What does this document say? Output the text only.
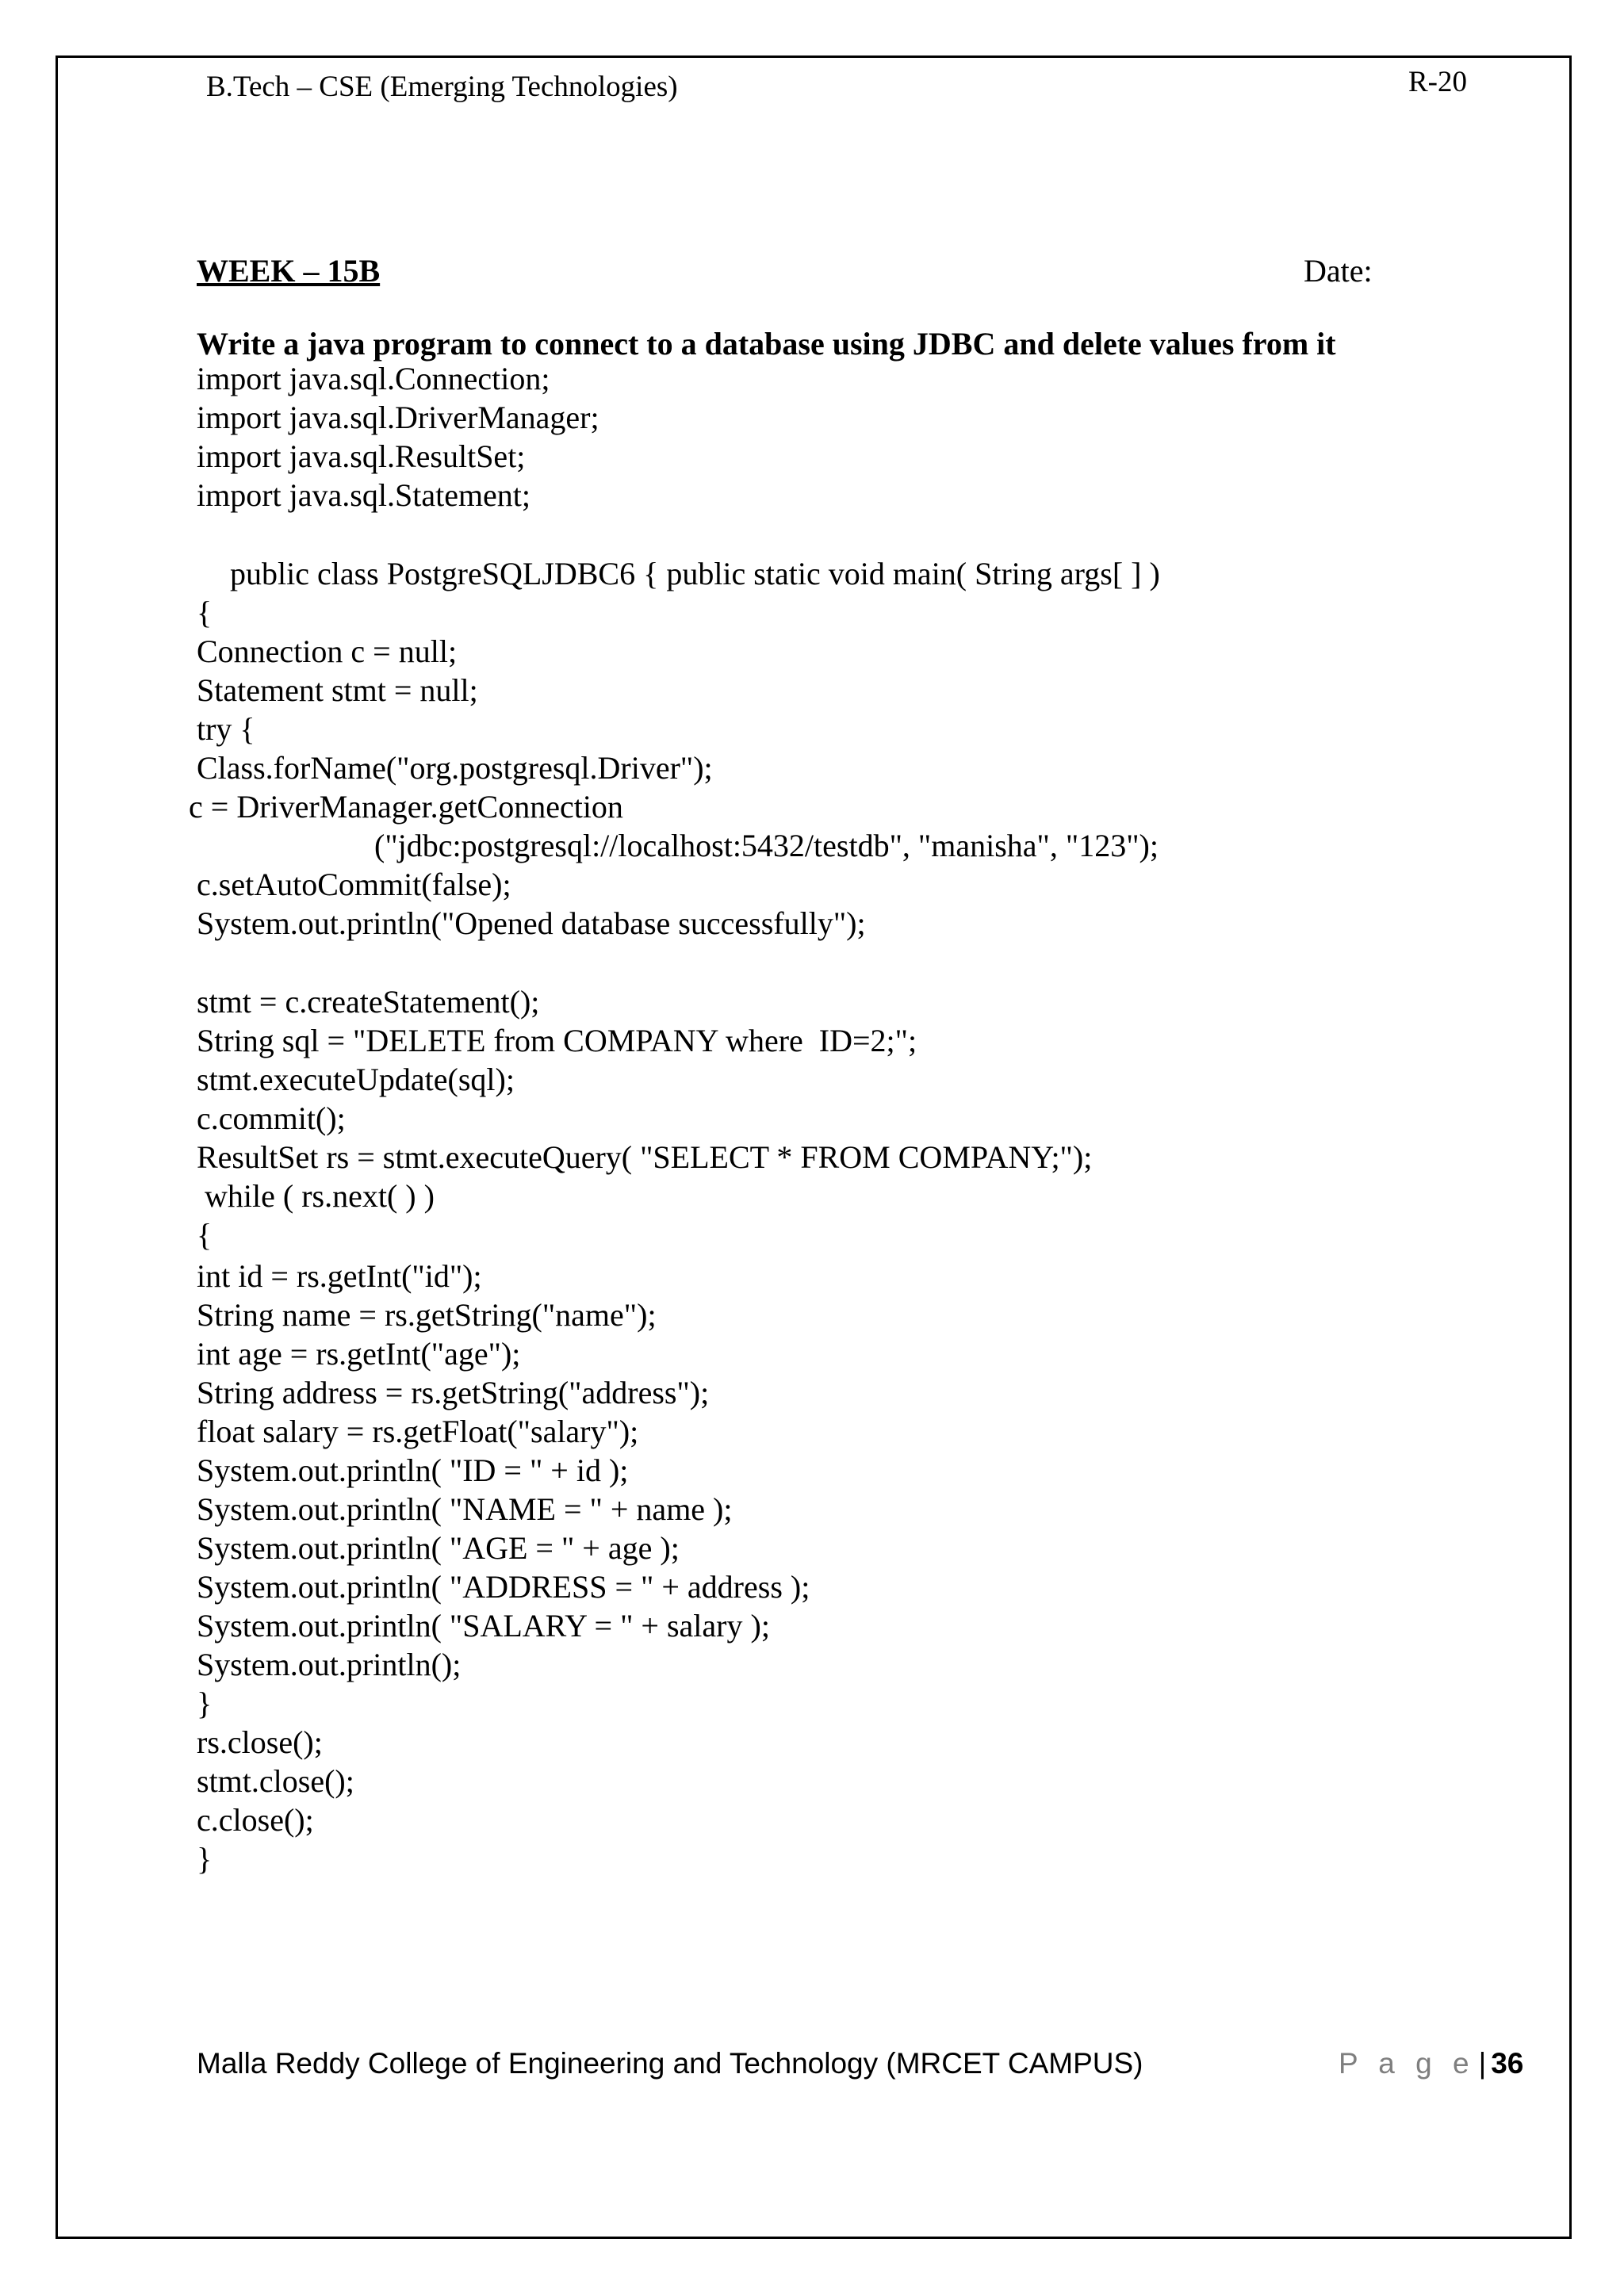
B.Tech – CSE (Emerging Technologies)	R-20
WEEK – 15B	Date:
Write a java program to connect to a database using JDBC and delete values from it
import java.sql.Connection;
import java.sql.DriverManager;
import java.sql.ResultSet;
import java.sql.Statement;
public class PostgreSQLJDBC6 { public static void main( String args[ ] )
{
Connection c = null;
Statement stmt = null;
try {
Class.forName("org.postgresql.Driver");
c = DriverManager.getConnection
("jdbc:postgresql://localhost:5432/testdb", "manisha", "123");
c.setAutoCommit(false);
System.out.println("Opened database successfully");
stmt = c.createStatement();
String sql = "DELETE from COMPANY where  ID=2;";
stmt.executeUpdate(sql);
c.commit();
ResultSet rs = stmt.executeQuery( "SELECT * FROM COMPANY;");
while ( rs.next( ) )
{
int id = rs.getInt("id");
String name = rs.getString("name");
int age = rs.getInt("age");
String address = rs.getString("address");
float salary = rs.getFloat("salary");
System.out.println( "ID = " + id );
System.out.println( "NAME = " + name );
System.out.println( "AGE = " + age );
System.out.println( "ADDRESS = " + address );
System.out.println( "SALARY = " + salary );
System.out.println();
}
rs.close();
stmt.close();
c.close();
}
Malla Reddy College of Engineering and Technology (MRCET CAMPUS)	P a g e | 36
